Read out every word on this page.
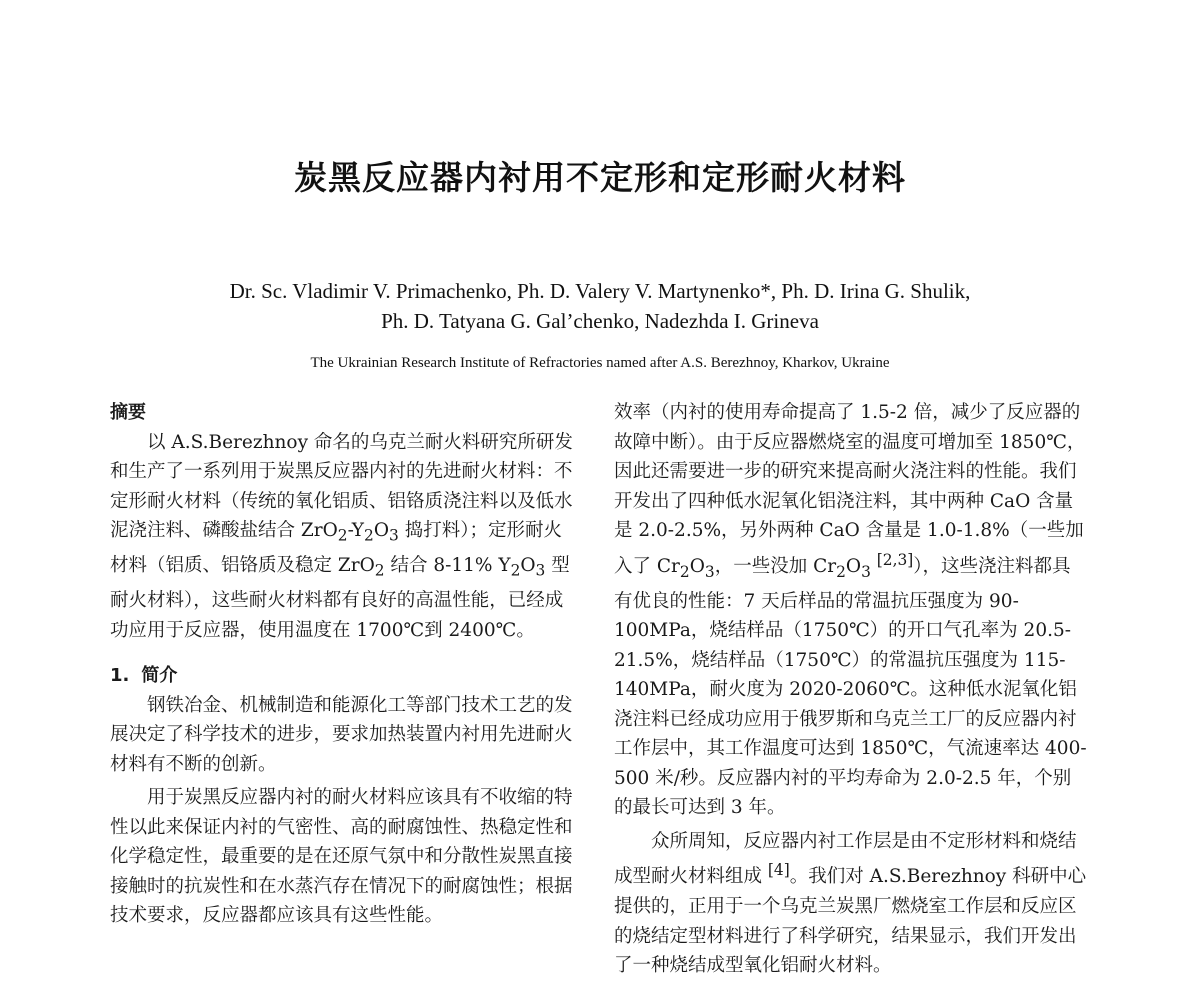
炭黑反应器内衬用不定形和定形耐火材料
Dr. Sc. Vladimir V. Primachenko, Ph. D. Valery V. Martynenko*, Ph. D. Irina G. Shulik,
Ph. D. Tatyana G. Gal’chenko, Nadezhda I. Grineva
The Ukrainian Research Institute of Refractories named after A.S. Berezhnoy, Kharkov, Ukraine

摘要

以 A.S.Berezhnoy 命名的乌克兰耐火料研究所研发和生产了一系列用于炭黑反应器内衬的先进耐火材料：不定形耐火材料（传统的氧化铝质、铝铬质浇注料以及低水泥浇注料、磷酸盐结合 $ZrO_2-Y_2O_3$ 捣打料）；定形耐火材料（铝质、铝铬质及稳定 ZrO$_2$ 结合 8-11% $Y_2O_3$ 型耐火材料），这些耐火材料都有良好的高温性能，已经成功应用于反应器，使用温度在 1700℃到 2400℃。

1. 简介

钢铁冶金、机械制造和能源化工等部门技术工艺的发展决定了科学技术的进步，要求加热装置内衬用先进耐火材料有不断的创新。

用于炭黑反应器内衬的耐火材料应该具有不收缩的特性以此来保证内衬的气密性、高的耐腐蚀性、热稳定性和化学稳定性，最重要的是在还原气氛中和分散性炭黑直接接触时的抗炭性和在水蒸汽存在情况下的耐腐蚀性；根据技术要求，反应器都应该具有这些性能。

效率（内衬的使用寿命提高了 1.5-2 倍，减少了反应器的故障中断）。由于反应器燃烧室的温度可增加至 1850℃，因此还需要进一步的研究来提高耐火浇注料的性能。我们开发出了四种低水泥氧化铝浇注料，其中两种 CaO 含量是 2.0-2.5%，另外两种 CaO 含量是 1.0-1.8%（一些加入了 $Cr_2O_3$，一些没加 $Cr_2O_3$ [2,3]），这些浇注料都具有优良的性能：7 天后样品的常温抗压强度为 90-100MPa，烧结样品（1750℃）的开口气孔率为 20.5-21.5%，烧结样品（1750℃）的常温抗压强度为 115-140MPa，耐火度为 2020-2060℃。这种低水泥氧化铝浇注料已经成功应用于俄罗斯和乌克兰工厂的反应器内衬工作层中，其工作温度可达到 1850℃，气流速率达 400-500 米/秒。反应器内衬的平均寿命为 2.0-2.5 年，个别的最长可达到 3 年。

众所周知，反应器内衬工作层是由不定形材料和烧结成型耐火材料组成 [4]。我们对 A.S.Berezhnoy 科研中心提供的，正用于一个乌克兰炭黑厂燃烧室工作层和反应区的烧结定型材料进行了科学研究，结果显示，我们开发出了一种烧结成型氧化铝耐火材料。
